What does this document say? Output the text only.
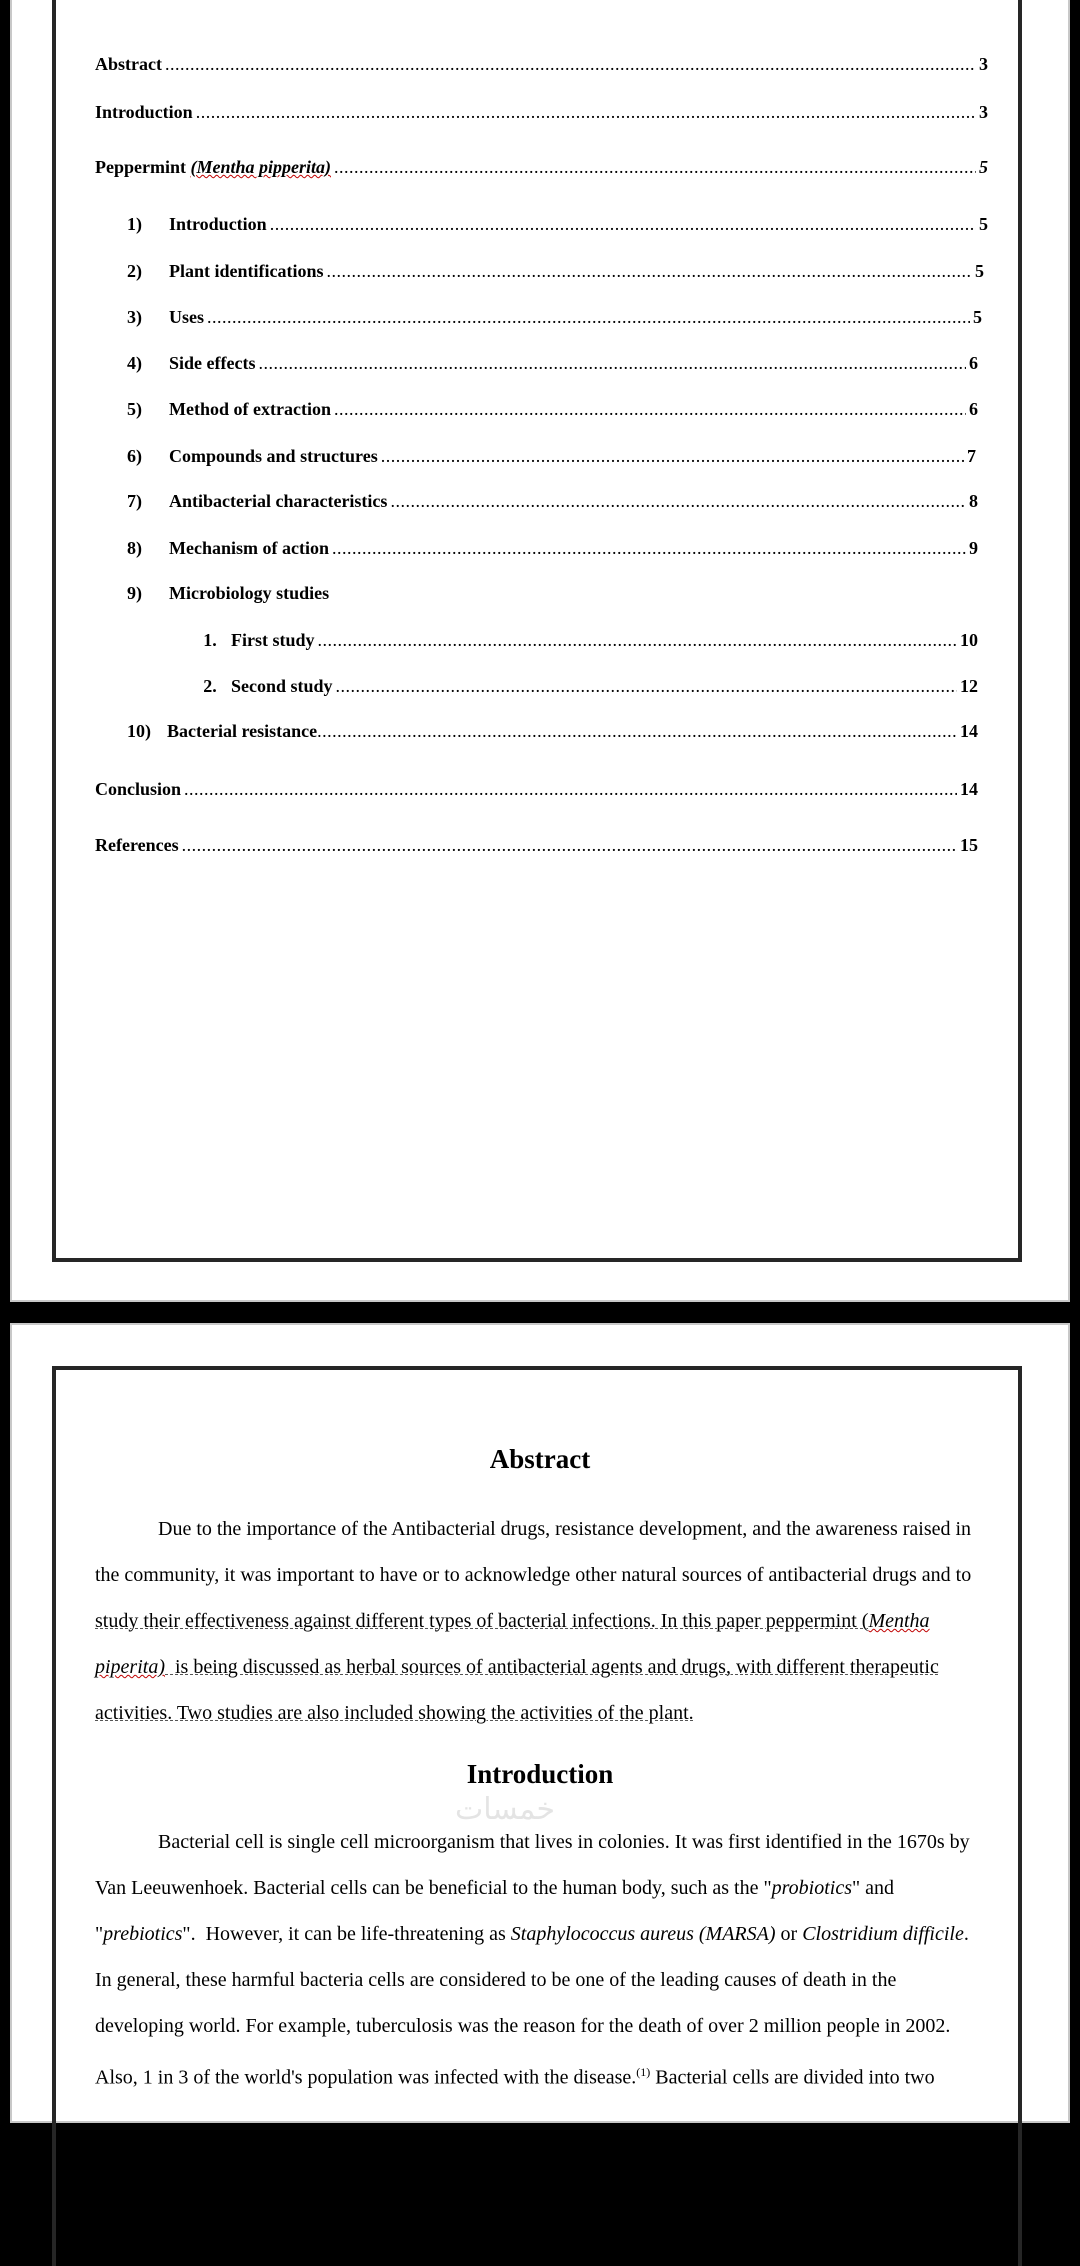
Abstract .....	3
Introduction .....	3
Peppermint (Mentha pipperita) .....	5
1)	Introduction .....	5
2)	Plant identifications .....	5
3)	Uses .....	5
4)	Side effects .....	6
5)	Method of extraction .....	6
6)	Compounds and structures .....	7
7)	Antibacterial characteristics .....	8
8)	Mechanism of action .....	9
9)	Microbiology studies
1. First study .....	10
2. Second study .....	12
10) Bacterial resistance .....	14
Conclusion .....	14
References .....	15
Abstract
Due to the importance of the Antibacterial drugs, resistance development, and the awareness raised in
the community, it was important to have or to acknowledge other natural sources of antibacterial drugs and to
study their effectiveness against different types of bacterial infections. In this paper peppermint (Mentha
piperita)  is being discussed as herbal sources of antibacterial agents and drugs, with different therapeutic
activities. Two studies are also included showing the activities of the plant.
Introduction
Bacterial cell is single cell microorganism that lives in colonies. It was first identified in the 1670s by
Van Leeuwenhoek. Bacterial cells can be beneficial to the human body, such as the "probiotics" and
"prebiotics".  However, it can be life-threatening as Staphylococcus aureus (MARSA) or Clostridium difficile.
In general, these harmful bacteria cells are considered to be one of the leading causes of death in the
developing world. For example, tuberculosis was the reason for the death of over 2 million people in 2002.
Also, 1 in 3 of the world's population was infected with the disease.$^{(1)}$ Bacterial cells are divided into two
خمسات
